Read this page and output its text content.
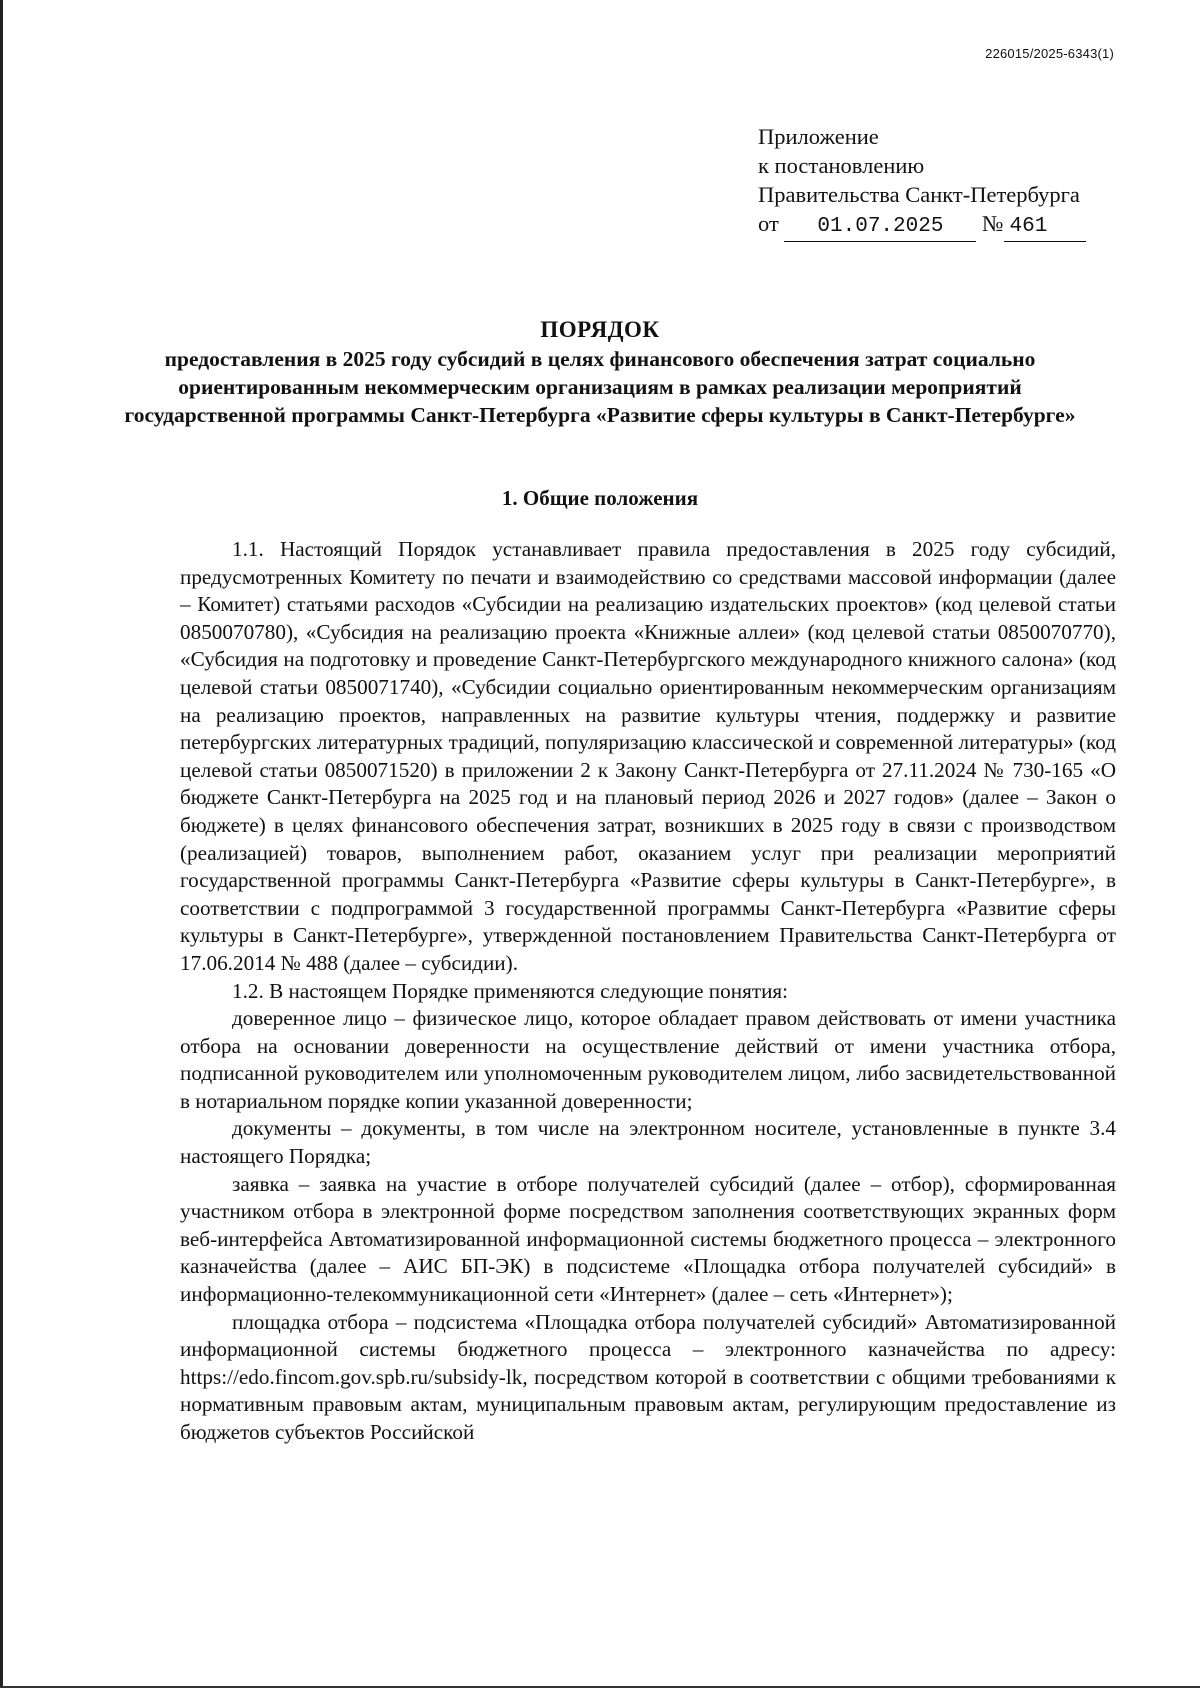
226015/2025-6343(1)
Приложение
к постановлению
Правительства Санкт-Петербурга
от 01.07.2025 № 461
ПОРЯДОК
предоставления в 2025 году субсидий в целях финансового обеспечения затрат социально ориентированным некоммерческим организациям в рамках реализации мероприятий государственной программы Санкт-Петербурга «Развитие сферы культуры в Санкт-Петербурге»
1. Общие положения

1.1. Настоящий Порядок устанавливает правила предоставления в 2025 году субсидий, предусмотренных Комитету по печати и взаимодействию со средствами массовой информации (далее – Комитет) статьями расходов «Субсидии на реализацию издательских проектов» (код целевой статьи 0850070780), «Субсидия на реализацию проекта «Книжные аллеи» (код целевой статьи 0850070770), «Субсидия на подготовку и проведение Санкт-Петербургского международного книжного салона» (код целевой статьи 0850071740), «Субсидии социально ориентированным некоммерческим организациям на реализацию проектов, направленных на развитие культуры чтения, поддержку и развитие петербургских литературных традиций, популяризацию классической и современной литературы» (код целевой статьи 0850071520) в приложении 2 к Закону Санкт-Петербурга от 27.11.2024 № 730-165 «О бюджете Санкт-Петербурга на 2025 год и на плановый период 2026 и 2027 годов» (далее – Закон о бюджете) в целях финансового обеспечения затрат, возникших в 2025 году в связи с производством (реализацией) товаров, выполнением работ, оказанием услуг при реализации мероприятий государственной программы Санкт-Петербурга «Развитие сферы культуры в Санкт-Петербурге», в соответствии с подпрограммой 3 государственной программы Санкт-Петербурга «Развитие сферы культуры в Санкт-Петербурге», утвержденной постановлением Правительства Санкт-Петербурга от 17.06.2014 № 488 (далее – субсидии).

1.2. В настоящем Порядке применяются следующие понятия:

доверенное лицо – физическое лицо, которое обладает правом действовать от имени участника отбора на основании доверенности на осуществление действий от имени участника отбора, подписанной руководителем или уполномоченным руководителем лицом, либо засвидетельствованной в нотариальном порядке копии указанной доверенности;

документы – документы, в том числе на электронном носителе, установленные в пункте 3.4 настоящего Порядка;

заявка – заявка на участие в отборе получателей субсидий (далее – отбор), сформированная участником отбора в электронной форме посредством заполнения соответствующих экранных форм веб-интерфейса Автоматизированной информационной системы бюджетного процесса – электронного казначейства (далее – АИС БП-ЭК) в подсистеме «Площадка отбора получателей субсидий» в информационно-телекоммуникационной сети «Интернет» (далее – сеть «Интернет»);

площадка отбора – подсистема «Площадка отбора получателей субсидий» Автоматизированной информационной системы бюджетного процесса – электронного казначейства по адресу: https://edo.fincom.gov.spb.ru/subsidy-lk, посредством которой в соответствии с общими требованиями к нормативным правовым актам, муниципальным правовым актам, регулирующим предоставление из бюджетов субъектов Российской
